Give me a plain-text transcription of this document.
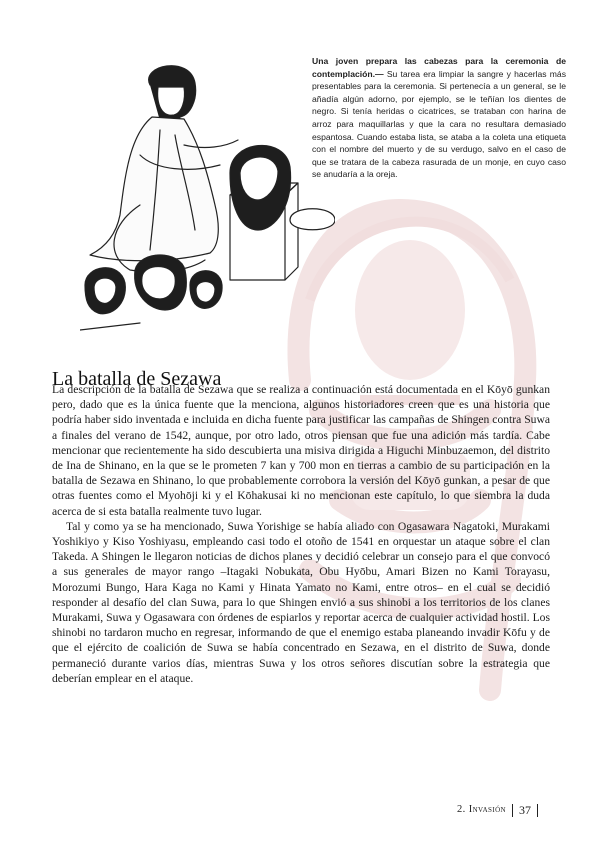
Una joven prepara las cabezas para la ceremonia de contemplación.— Su tarea era limpiar la sangre y hacerlas más presentables para la ceremonia. Si pertenecía a un general, se le añadía algún adorno, por ejemplo, se le teñían los dientes de negro. Si tenía heridas o cicatrices, se trataban con harina de arroz para maquillarlas y que la cara no resultara demasiado espantosa. Cuando estaba lista, se ataba a la coleta una etiqueta con el nombre del muerto y de su verdugo, salvo en el caso de que se tratara de la cabeza rasurada de un monje, en cuyo caso se anudaría a la oreja.
La batalla de Sezawa

La descripción de la batalla de Sezawa que se realiza a continuación está documentada en el Kōyō gunkan pero, dado que es la única fuente que la menciona, algunos historiadores creen que es una historia que podría haber sido inventada e incluida en dicha fuente para justificar las campañas de Shingen contra Suwa a finales del verano de 1542, aunque, por otro lado, otros piensan que fue una adición más tardía. Cabe mencionar que recientemente ha sido descubierta una misiva dirigida a Higuchi Minbuzaemon, del distrito de Ina de Shinano, en la que se le prometen 7 kan y 700 mon en tierras a cambio de su participación en la batalla de Sezawa en Shinano, lo que probablemente corrobora la versión del Kōyō gunkan, a pesar de que otras fuentes como el Myohōji ki y el Kōhakusai ki no mencionan este capítulo, lo que siembra la duda acerca de si esta batalla realmente tuvo lugar.

Tal y como ya se ha mencionado, Suwa Yorishige se había aliado con Ogasawara Nagatoki, Murakami Yoshikiyo y Kiso Yoshiyasu, empleando casi todo el otoño de 1541 en orquestar un ataque sobre el clan Takeda. A Shingen le llegaron noticias de dichos planes y decidió celebrar un consejo para el que convocó a sus generales de mayor rango –Itagaki Nobukata, Obu Hyōbu, Amari Bizen no Kami Torayasu, Morozumi Bungo, Hara Kaga no Kami y Hinata Yamato no Kami, entre otros– en el cual se decidió responder al desafío del clan Suwa, para lo que Shingen envió a sus shinobi a los territorios de los clanes Murakami, Suwa y Ogasawara con órdenes de espiarlos y reportar acerca de cualquier actividad hostil. Los shinobi no tardaron mucho en regresar, informando de que el enemigo estaba planeando invadir Kōfu y de que el ejército de coalición de Suwa se había concentrado en Sezawa, en el distrito de Suwa, donde permaneció durante varios días, mientras Suwa y los otros señores discutían sobre la estrategia que deberían emplear en el ataque.

2. Invasión 37
